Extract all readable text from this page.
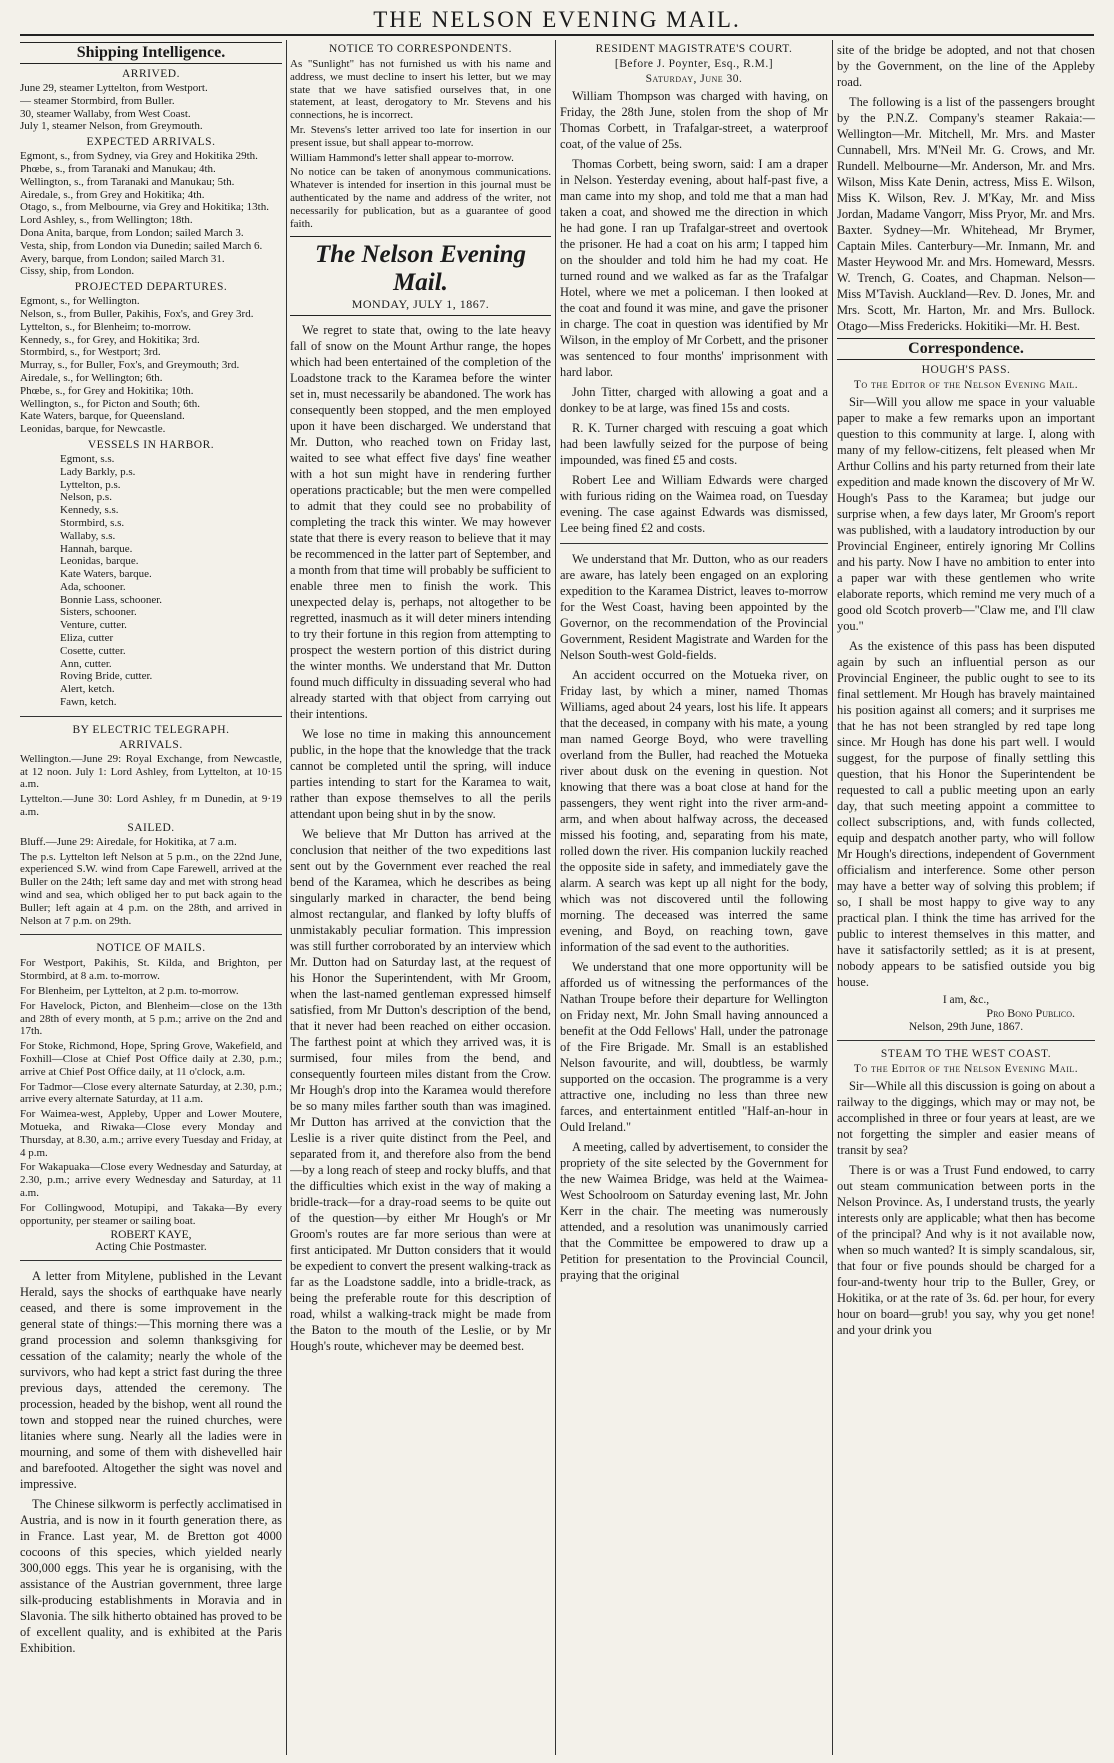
THE NELSON EVENING MAIL.
Shipping Intelligence.
ARRIVED.

June 29, steamer Lyttelton, from Westport.

— steamer Stormbird, from Buller.

30, steamer Wallaby, from West Coast.

July 1, steamer Nelson, from Greymouth.

EXPECTED ARRIVALS.

Egmont, s., from Sydney, via Grey and Hokitika 29th.

Phœbe, s., from Taranaki and Manukau; 4th.

Wellington, s., from Taranaki and Manukau; 5th.

Airedale, s., from Grey and Hokitika; 4th.

Otago, s., from Melbourne, via Grey and Hokitika; 13th.

Lord Ashley, s., from Wellington; 18th.

Dona Anita, barque, from London; sailed March 3.

Vesta, ship, from London via Dunedin; sailed March 6.

Avery, barque, from London; sailed March 31.

Cissy, ship, from London.

PROJECTED DEPARTURES.

Egmont, s., for Wellington.

Nelson, s., from Buller, Pakihis, Fox's, and Grey 3rd.

Lyttelton, s., for Blenheim; to-morrow.

Kennedy, s., for Grey, and Hokitika; 3rd.

Stormbird, s., for Westport; 3rd.

Murray, s., for Buller, Fox's, and Greymouth; 3rd.

Airedale, s., for Wellington; 6th.

Phœbe, s., for Grey and Hokitika; 10th.

Wellington, s., for Picton and South; 6th.

Kate Waters, barque, for Queensland.

Leonidas, barque, for Newcastle.

VESSELS IN HARBOR.
Egmont, s.s.
Lady Barkly, p.s.
Lyttelton, p.s.
Nelson, p.s.
Kennedy, s.s.
Stormbird, s.s.
Wallaby, s.s.
Hannah, barque.
Leonidas, barque.
Kate Waters, barque.
Ada, schooner.
Bonnie Lass, schooner.
Sisters, schooner.
Venture, cutter.
Eliza, cutter
Cosette, cutter.
Ann, cutter.
Roving Bride, cutter.
Alert, ketch.
Fawn, ketch.
BY ELECTRIC TELEGRAPH.
ARRIVALS.

Wellington.—June 29: Royal Exchange, from Newcastle, at 12 noon. July 1: Lord Ashley, from Lyttelton, at 10·15 a.m.

Lyttelton.—June 30: Lord Ashley, fr m Dunedin, at 9·19 a.m.

SAILED.

Bluff.—June 29: Airedale, for Hokitika, at 7 a.m.

The p.s. Lyttelton left Nelson at 5 p.m., on the 22nd June, experienced S.W. wind from Cape Farewell, arrived at the Buller on the 24th; left same day and met with strong head wind and sea, which obliged her to put back again to the Buller; left again at 4 p.m. on the 28th, and arrived in Nelson at 7 p.m. on 29th.

NOTICE OF MAILS.

For Westport, Pakihis, St. Kilda, and Brighton, per Stormbird, at 8 a.m. to-morrow.

For Blenheim, per Lyttelton, at 2 p.m. to-morrow.

For Havelock, Picton, and Blenheim—close on the 13th and 28th of every month, at 5 p.m.; arrive on the 2nd and 17th.

For Stoke, Richmond, Hope, Spring Grove, Wakefield, and Foxhill—Close at Chief Post Office daily at 2.30, p.m.; arrive at Chief Post Office daily, at 11 o'clock, a.m.

For Tadmor—Close every alternate Saturday, at 2.30, p.m.; arrive every alternate Saturday, at 11 a.m.

For Waimea-west, Appleby, Upper and Lower Moutere, Motueka, and Riwaka—Close every Monday and Thursday, at 8.30, a.m.; arrive every Tuesday and Friday, at 4 p.m.

For Wakapuaka—Close every Wednesday and Saturday, at 2.30, p.m.; arrive every Wednesday and Saturday, at 11 a.m.

For Collingwood, Motupipi, and Takaka—By every opportunity, per steamer or sailing boat.

ROBERT KAYE,

Acting Chie Postmaster.

A letter from Mitylene, published in the Levant Herald, says the shocks of earthquake have nearly ceased, and there is some improvement in the general state of things:—This morning there was a grand procession and solemn thanksgiving for cessation of the calamity; nearly the whole of the survivors, who had kept a strict fast during the three previous days, attended the ceremony. The procession, headed by the bishop, went all round the town and stopped near the ruined churches, were litanies where sung. Nearly all the ladies were in mourning, and some of them with dishevelled hair and barefooted. Altogether the sight was novel and impressive.

The Chinese silkworm is perfectly acclimatised in Austria, and is now in it fourth generation there, as in France. Last year, M. de Bretton got 4000 cocoons of this species, which yielded nearly 300,000 eggs. This year he is organising, with the assistance of the Austrian government, three large silk-producing establishments in Moravia and in Slavonia. The silk hitherto obtained has proved to be of excellent quality, and is exhibited at the Paris Exhibition.

NOTICE TO CORRESPONDENTS.

As "Sunlight" has not furnished us with his name and address, we must decline to insert his letter, but we may state that we have satisfied ourselves that, in one statement, at least, derogatory to Mr. Stevens and his connections, he is incorrect.

Mr. Stevens's letter arrived too late for insertion in our present issue, but shall appear to-morrow.

William Hammond's letter shall appear to-morrow.

No notice can be taken of anonymous communications. Whatever is intended for insertion in this journal must be authenticated by the name and address of the writer, not necessarily for publication, but as a guarantee of good faith.

The Nelson Evening Mail.
MONDAY, JULY 1, 1867.

We regret to state that, owing to the late heavy fall of snow on the Mount Arthur range, the hopes which had been entertained of the completion of the Loadstone track to the Karamea before the winter set in, must necessarily be abandoned. The work has consequently been stopped, and the men employed upon it have been discharged. We understand that Mr. Dutton, who reached town on Friday last, waited to see what effect five days' fine weather with a hot sun might have in rendering further operations practicable; but the men were compelled to admit that they could see no probability of completing the track this winter. We may however state that there is every reason to believe that it may be recommenced in the latter part of September, and a month from that time will probably be sufficient to enable three men to finish the work. This unexpected delay is, perhaps, not altogether to be regretted, inasmuch as it will deter miners intending to try their fortune in this region from attempting to prospect the western portion of this district during the winter months. We understand that Mr. Dutton found much difficulty in dissuading several who had already started with that object from carrying out their intentions.

We lose no time in making this announcement public, in the hope that the knowledge that the track cannot be completed until the spring, will induce parties intending to start for the Karamea to wait, rather than expose themselves to all the perils attendant upon being shut in by the snow.

We believe that Mr Dutton has arrived at the conclusion that neither of the two expeditions last sent out by the Government ever reached the real bend of the Karamea, which he describes as being singularly marked in character, the bend being almost rectangular, and flanked by lofty bluffs of unmistakably peculiar formation. This impression was still further corroborated by an interview which Mr. Dutton had on Saturday last, at the request of his Honor the Superintendent, with Mr Groom, when the last-named gentleman expressed himself satisfied, from Mr Dutton's description of the bend, that it never had been reached on either occasion. The farthest point at which they arrived was, it is surmised, four miles from the bend, and consequently fourteen miles distant from the Crow. Mr Hough's drop into the Karamea would therefore be so many miles farther south than was imagined. Mr Dutton has arrived at the conviction that the Leslie is a river quite distinct from the Peel, and separated from it, and therefore also from the bend—by a long reach of steep and rocky bluffs, and that the difficulties which exist in the way of making a bridle-track—for a dray-road seems to be quite out of the question—by either Mr Hough's or Mr Groom's routes are far more serious than were at first anticipated. Mr Dutton considers that it would be expedient to convert the present walking-track as far as the Loadstone saddle, into a bridle-track, as being the preferable route for this description of road, whilst a walking-track might be made from the Baton to the mouth of the Leslie, or by Mr Hough's route, whichever may be deemed best.

RESIDENT MAGISTRATE'S COURT.
[Before J. Poynter, Esq., R.M.]
Saturday, June 30.

William Thompson was charged with having, on Friday, the 28th June, stolen from the shop of Mr Thomas Corbett, in Trafalgar-street, a waterproof coat, of the value of 25s.

Thomas Corbett, being sworn, said: I am a draper in Nelson. Yesterday evening, about half-past five, a man came into my shop, and told me that a man had taken a coat, and showed me the direction in which he had gone. I ran up Trafalgar-street and overtook the prisoner. He had a coat on his arm; I tapped him on the shoulder and told him he had my coat. He turned round and we walked as far as the Trafalgar Hotel, where we met a policeman. I then looked at the coat and found it was mine, and gave the prisoner in charge. The coat in question was identified by Mr Wilson, in the employ of Mr Corbett, and the prisoner was sentenced to four months' imprisonment with hard labor.

John Titter, charged with allowing a goat and a donkey to be at large, was fined 15s and costs.

R. K. Turner charged with rescuing a goat which had been lawfully seized for the purpose of being impounded, was fined £5 and costs.

Robert Lee and William Edwards were charged with furious riding on the Waimea road, on Tuesday evening. The case against Edwards was dismissed, Lee being fined £2 and costs.

We understand that Mr. Dutton, who as our readers are aware, has lately been engaged on an exploring expedition to the Karamea District, leaves to-morrow for the West Coast, having been appointed by the Governor, on the recommendation of the Provincial Government, Resident Magistrate and Warden for the Nelson South-west Gold-fields.

An accident occurred on the Motueka river, on Friday last, by which a miner, named Thomas Williams, aged about 24 years, lost his life. It appears that the deceased, in company with his mate, a young man named George Boyd, who were travelling overland from the Buller, had reached the Motueka river about dusk on the evening in question. Not knowing that there was a boat close at hand for the passengers, they went right into the river arm-and-arm, and when about halfway across, the deceased missed his footing, and, separating from his mate, rolled down the river. His companion luckily reached the opposite side in safety, and immediately gave the alarm. A search was kept up all night for the body, which was not discovered until the following morning. The deceased was interred the same evening, and Boyd, on reaching town, gave information of the sad event to the authorities.

We understand that one more opportunity will be afforded us of witnessing the performances of the Nathan Troupe before their departure for Wellington on Friday next, Mr. John Small having announced a benefit at the Odd Fellows' Hall, under the patronage of the Fire Brigade. Mr. Small is an established Nelson favourite, and will, doubtless, be warmly supported on the occasion. The programme is a very attractive one, including no less than three new farces, and entertainment entitled "Half-an-hour in Ould Ireland."

A meeting, called by advertisement, to consider the propriety of the site selected by the Government for the new Waimea Bridge, was held at the Waimea-West Schoolroom on Saturday evening last, Mr. John Kerr in the chair. The meeting was numerously attended, and a resolution was unanimously carried that the Committee be empowered to draw up a Petition for presentation to the Provincial Council, praying that the original

site of the bridge be adopted, and not that chosen by the Government, on the line of the Appleby road.

The following is a list of the passengers brought by the P.N.Z. Company's steamer Rakaia:—Wellington—Mr. Mitchell, Mr. Mrs. and Master Cunnabell, Mrs. M'Neil Mr. G. Crows, and Mr. Rundell. Melbourne—Mr. Anderson, Mr. and Mrs. Wilson, Miss Kate Denin, actress, Miss E. Wilson, Miss K. Wilson, Rev. J. M'Kay, Mr. and Miss Jordan, Madame Vangorr, Miss Pryor, Mr. and Mrs. Baxter. Sydney—Mr. Whitehead, Mr Brymer, Captain Miles. Canterbury—Mr. Inmann, Mr. and Master Heywood Mr. and Mrs. Homeward, Messrs. W. Trench, G. Coates, and Chapman. Nelson—Miss M'Tavish. Auckland—Rev. D. Jones, Mr. and Mrs. Scott, Mr. Harton, Mr. and Mrs. Bullock. Otago—Miss Fredericks. Hokitiki—Mr. H. Best.

Correspondence.
HOUGH'S PASS.
To the Editor of the Nelson Evening Mail.

Sir—Will you allow me space in your valuable paper to make a few remarks upon an important question to this community at large. I, along with many of my fellow-citizens, felt pleased when Mr Arthur Collins and his party returned from their late expedition and made known the discovery of Mr W. Hough's Pass to the Karamea; but judge our surprise when, a few days later, Mr Groom's report was published, with a laudatory introduction by our Provincial Engineer, entirely ignoring Mr Collins and his party. Now I have no ambition to enter into a paper war with these gentlemen who write elaborate reports, which remind me very much of a good old Scotch proverb—"Claw me, and I'll claw you."

As the existence of this pass has been disputed again by such an influential person as our Provincial Engineer, the public ought to see to its final settlement. Mr Hough has bravely maintained his position against all comers; and it surprises me that he has not been strangled by red tape long since. Mr Hough has done his part well. I would suggest, for the purpose of finally settling this question, that his Honor the Superintendent be requested to call a public meeting upon an early day, that such meeting appoint a committee to collect subscriptions, and, with funds collected, equip and despatch another party, who will follow Mr Hough's directions, independent of Government officialism and interference. Some other person may have a better way of solving this problem; if so, I shall be most happy to give way to any practical plan. I think the time has arrived for the public to interest themselves in this matter, and have it satisfactorily settled; as it is at present, nobody appears to be satisfied outside you big house.

I am, &c.,

Pro Bono Publico.

Nelson, 29th June, 1867.

STEAM TO THE WEST COAST.
To the Editor of the Nelson Evening Mail.

Sir—While all this discussion is going on about a railway to the diggings, which may or may not, be accomplished in three or four years at least, are we not forgetting the simpler and easier means of transit by sea?

There is or was a Trust Fund endowed, to carry out steam communication between ports in the Nelson Province. As, I understand trusts, the yearly interests only are applicable; what then has become of the principal? And why is it not available now, when so much wanted? It is simply scandalous, sir, that four or five pounds should be charged for a four-and-twenty hour trip to the Buller, Grey, or Hokitika, or at the rate of 3s. 6d. per hour, for every hour on board—grub! you say, why you get none! and your drink you
